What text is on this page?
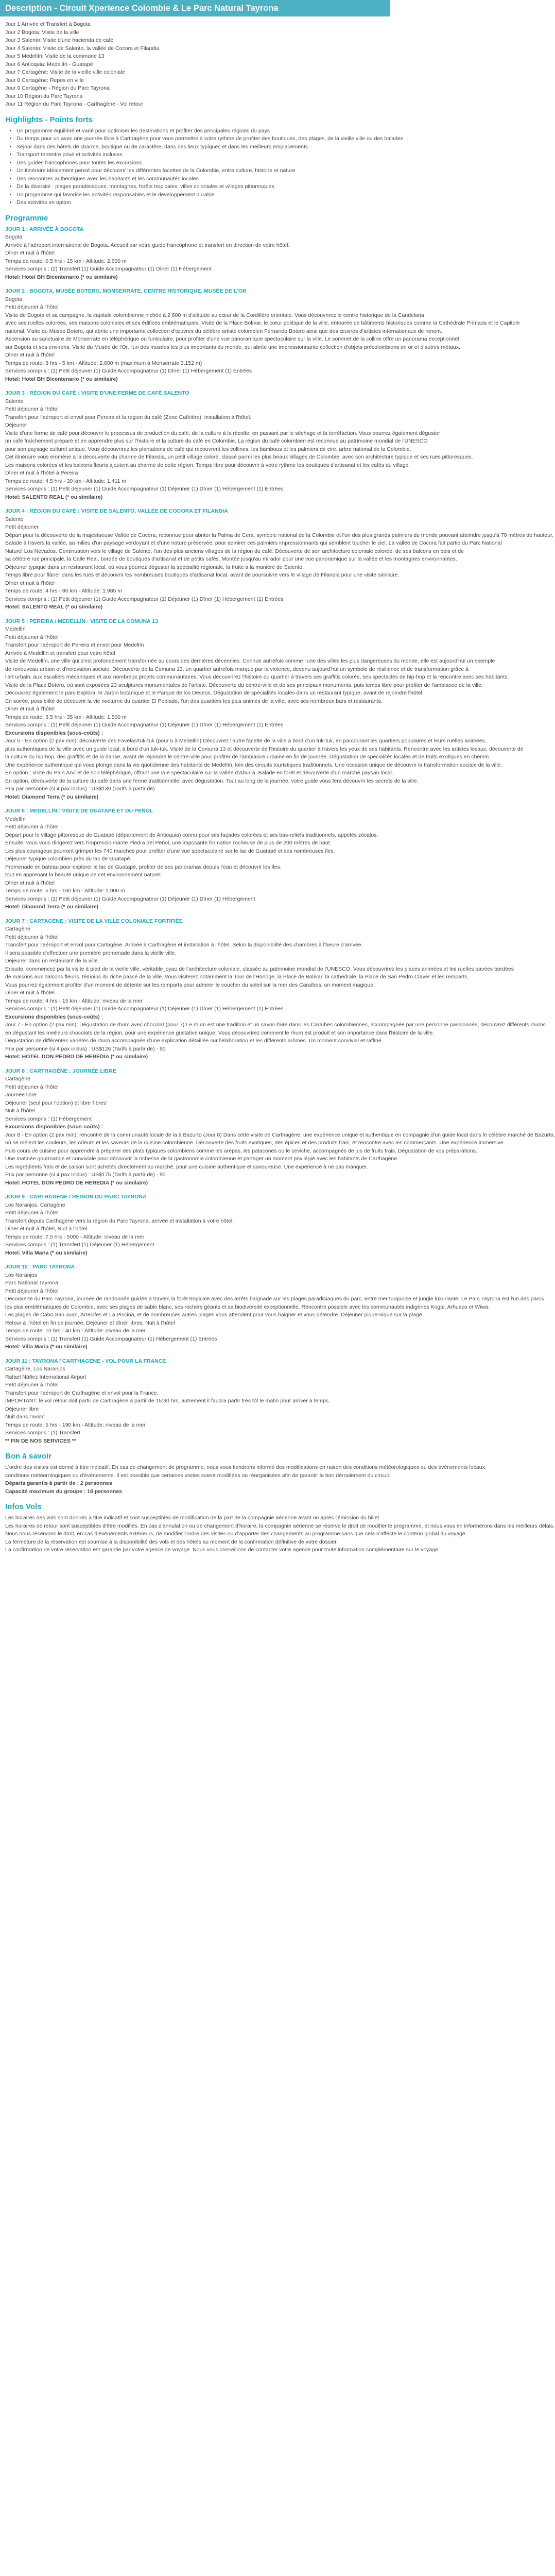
Description - Circuit Xperience Colombie & Le Parc Natural Tayrona

Jour 1 Arrivée et Transfert à Bogota

Jour 2 Bogota: Visite de la ville

Jour 3 Salento: Visite d'une hacienda de café

Jour 4 Salento: Visite de Salento, la vallée de Cocora et Filandia

Jour 5 Medellín: Visite de la commune 13

Jour 6 Antioquia: Medellín - Guatapé

Jour 7 Cartagène: Visite de la vieille ville coloniale

Jour 8 Cartagène: Repos en ville

Jour 9 Cartagène - Région du Parc Tayrona

Jour 10 Région du Parc Tayrona

Jour 11 Région du Parc Tayrona - Carthagène - Vol retour

Highlights - Points forts
• Un programme équilibré et varié pour optimiser les destinations et profiter des principales régions du pays
• Du temps pour un avec une journée libre à Carthagène pour vous permettre à votre rythme de profiter des boutiques, des plages, de la vieille ville ou des balades
• Séjour dans des hôtels de charme, boutique ou de caractère, dans des lieux typiques et dans les meilleurs emplacements
• Transport terrestre privé et activités incluses
• Des guides francophones pour toutes les excursions
• Un itinéraire idéalement pensé pour découvrir les différentes facettes de la Colombie, entre culture, histoire et nature
• Des rencontres authentiques avec les habitants et les communautés locales
• De la diversité : plages paradisiaques, montagnes, forêts tropicales, villes coloniales et villages pittoresques
• Un programme qui favorise les activités responsables et le développement durable
• Des activités en option
Programme
JOUR 1 : ARRIVÉE À BOGOTA

Bogota

Arrivée à l'aéroport international de Bogota. Accueil par votre guide francophone et transfert en direction de votre hôtel.

Dîner et nuit à l'hôtel

Temps de route: 0,5 hrs - 15 km - Altitude: 2.600 m

Services compris : (2) Transfert (1) Guide Accompagnateur (1) Dîner (1) Hébergement

Hotel: Hotel BH Bicentenario (* ou similaire)

JOUR 2 : BOGOTA, MUSÉE BOTERO, MONSERRATE, CENTRE HISTORIQUE, MUSÉE DE L'OR

Bogota

Petit déjeuner à l'hôtel

Visite de Bogota et sa campagne, la capitale colombienne nichée à 2 600 m d'altitude au cœur de la Cordillère orientale. Vous découvrirez le centre historique de la Candelaria

avec ses ruelles colorées, ses maisons coloniales et ses édifices emblématiques. Visite de la Place Bolívar, le cœur politique de la ville, entourée de bâtiments historiques comme la Cathédrale Primada et le Capitole

national. Visite du Musée Botero, qui abrite une importante collection d'œuvres du célèbre artiste colombien Fernando Botero ainsi que des œuvres d'artistes internationaux de renom.

Ascension au sanctuaire de Monserrate en téléphérique ou funiculaire, pour profiter d'une vue panoramique spectaculaire sur la ville. Le sommet de la colline offre un panorama exceptionnel

sur Bogota et ses environs. Visite du Musée de l'Or, l'un des musées les plus importants du monde, qui abrite une impressionnante collection d'objets précolombiens en or et d'autres métaux.

Dîner et nuit à l'hôtel

Temps de route: 3 hrs - 5 km - Altitude: 2.600 m (maximum à Monserrate 3.152 m)

Services compris : (1) Petit déjeuner (1) Guide Accompagnateur (1) Dîner (1) Hébergement (1) Entrées

Hotel: Hotel BH Bicentenario (* ou similaire)

JOUR 3 : RÉGION DU CAFÉ : VISITE D'UNE FERME DE CAFÉ SALENTO

Salento

Petit déjeuner à l'hôtel

Transfert pour l'aéroport et envol pour Pereira et la région du café (Zone Caféière), installation à l'hôtel.

Déjeuner

Visite d'une ferme de café pour découvrir le processus de production du café, de la culture à la récolte, en passant par le séchage et la torréfaction. Vous pourrez également déguster

un café fraîchement préparé et en apprendre plus sur l'histoire et la culture du café en Colombie. La région du café colombien est reconnue au patrimoine mondial de l'UNESCO

pour son paysage culturel unique. Vous découvrirez les plantations de café qui recouvrent les collines, les bambous et les palmiers de cire, arbre national de la Colombie.

Cet itinéraire vous emmène à la découverte du charme de Filandia, un petit village coloré, classé parmi les plus beaux villages de Colombie, avec son architecture typique et ses rues pittoresques.

Les maisons colorées et les balcons fleuris ajoutent au charme de cette région. Temps libre pour découvrir à votre rythme les boutiques d'artisanat et les cafés du village.

Dîner et nuit à l'hôtel à Pereira

Temps de route: 4,5 hrs - 30 km - Altitude: 1.411 m

Services compris : (1) Petit déjeuner (1) Guide Accompagnateur (1) Déjeuner (1) Dîner (1) Hébergement (1) Entrées

Hotel: SALENTO REAL (* ou similaire)

JOUR 4 : RÉGION DU CAFÉ : VISITE DE SALENTO, VALLÉE DE COCORA ET FILANDIA

Salento

Petit déjeuner

Départ pour la découverte de la majestueuse Vallée de Cocora, reconnue pour abriter la Palma de Cera, symbole national de la Colombie et l'un des plus grands palmiers du monde pouvant atteindre jusqu'à 70 mètres de hauteur.

Balade à travers la vallée, au milieu d'un paysage verdoyant et d'une nature préservée, pour admirer ces palmiers impressionnants qui semblent toucher le ciel. La vallée de Cocora fait partie du Parc National

Naturel Los Nevados. Continuation vers le village de Salento, l'un des plus anciens villages de la région du café. Découverte de son architecture coloniale colorée, de ses balcons en bois et de

sa célèbre rue principale, la Calle Real, bordée de boutiques d'artisanat et de petits cafés. Montée jusqu'au mirador pour une vue panoramique sur la vallée et les montagnes environnantes.

Déjeuner typique dans un restaurant local, où vous pourrez déguster la spécialité régionale, la truite à la manière de Salento.

Temps libre pour flâner dans les rues et découvrir les nombreuses boutiques d'artisanat local, avant de poursuivre vers le village de Filandia pour une visite similaire.

Dîner et nuit à l'hôtel

Temps de route: 4 hrs - 80 km - Altitude: 1.985 m

Services compris : (1) Petit déjeuner (1) Guide Accompagnateur (1) Déjeuner (1) Dîner (1) Hébergement (1) Entrées

Hotel: SALENTO REAL (* ou similaire)

JOUR 5 : PEREIRA / MEDELLÍN : VISITE DE LA COMUNA 13

Medellín

Petit déjeuner à l'hôtel

Transfert pour l'aéroport de Pereira et envol pour Medellín

Arrivée à Medellín et transfert pour votre hôtel

Visite de Medellín, une ville qui s'est profondément transformée au cours des dernières décennies. Connue autrefois comme l'une des villes les plus dangereuses du monde, elle est aujourd'hui un exemple

de renouveau urbain et d'innovation sociale. Découverte de la Comuna 13, un quartier autrefois marqué par la violence, devenu aujourd'hui un symbole de résilience et de transformation grâce à

l'art urbain, aux escaliers mécaniques et aux nombreux projets communautaires. Vous découvrirez l'histoire du quartier à travers ses graffitis colorés, ses spectacles de hip-hop et la rencontre avec ses habitants.

Visite de la Place Botero, où sont exposées 23 sculptures monumentales de l'artiste. Découverte du centre-ville et de ses principaux monuments, puis temps libre pour profiter de l'ambiance de la ville.

Découvrez également le parc Explora, le Jardin botanique et le Parque de los Deseos. Dégustation de spécialités locales dans un restaurant typique, avant de rejoindre l'hôtel.

En soirée, possibilité de découvrir la vie nocturne du quartier El Poblado, l'un des quartiers les plus animés de la ville, avec ses nombreux bars et restaurants.

Dîner et nuit à l'hôtel

Temps de route: 3,5 hrs - 35 km - Altitude: 1.500 m

Services compris : (1) Petit déjeuner (1) Guide Accompagnateur (1) Déjeuner (1) Dîner (1) Hébergement (1) Entrées

Excursions disponibles (sous-coûts) :

Jour 5 - En option (2 pax min): découverte des Favelas/tuk-tuk (pour 5 à Medellín) Découvrez l'autre facette de la ville à bord d'un tuk-tuk, en parcourant les quartiers populaires et leurs ruelles animées.

plus authentiques de la ville avec un guide local, à bord d'un tuk-tuk. Visite de la Comuna 13 et découverte de l'histoire du quartier à travers les yeux de ses habitants. Rencontre avec les artistes locaux, découverte de

la culture du hip-hop, des graffitis et de la danse, avant de rejoindre le centre-ville pour profiter de l'ambiance urbaine en fin de journée. Dégustation de spécialités locales et de fruits exotiques en chemin.

Une expérience authentique qui vous plonge dans la vie quotidienne des habitants de Medellín, loin des circuits touristiques traditionnels. Une occasion unique de découvrir la transformation sociale de la ville.

En option : visite du Parc Arví et de son téléphérique, offrant une vue spectaculaire sur la vallée d'Aburrá. Balade en forêt et découverte d'un marché paysan local.

En option, découverte de la culture du café dans une ferme traditionnelle, avec dégustation. Tout au long de la journée, votre guide vous fera découvrir les secrets de la ville.

Prix par personne (si 4 pax inclus) : US$139 (Tarifs à partir de)

Hotel: Diamond Terra (* ou similaire)

JOUR 6 : MEDELLÍN : VISITE DE GUATAPÉ ET DU PEÑOL

Medellín

Petit déjeuner à l'hôtel

Départ pour le village pittoresque de Guatapé (département de Antioquia) connu pour ses façades colorées et ses bas-reliefs traditionnels, appelés zócalos.

Ensuite, vous vous dirigerez vers l'impressionnante Piedra del Peñol, une imposante formation rocheuse de plus de 200 mètres de haut.

Les plus courageux pourront grimper les 740 marches pour profiter d'une vue spectaculaire sur le lac de Guatapé et ses nombreuses îles.

Déjeuner typique colombien près du lac de Guatapé.

Promenade en bateau pour explorer le lac de Guatapé, profiter de ses panoramas depuis l'eau et découvrir les îles.

tout en apprenant la beauté unique de cet environnement naturel.

Dîner et nuit à l'hôtel

Temps de route: 5 hrs - 160 km - Altitude: 1.900 m

Services compris : (1) Petit déjeuner (1) Guide Accompagnateur (1) Déjeuner (1) Dîner (1) Hébergement

Hotel: Diamond Terra (* ou similaire)

JOUR 7 : CARTAGÈNE : VISITE DE LA VILLE COLONIALE FORTIFIÉE

Cartagène

Petit déjeuner à l'hôtel

Transfert pour l'aéroport et envol pour Cartagène. Arrivée à Carthagène et installation à l'hôtel. Selon la disponibilité des chambres à l'heure d'arrivée.

Il sera possible d'effectuer une première promenade dans la vieille ville.

Déjeuner dans un restaurant de la ville.

Ensuite, commencez par la visite à pied de la vieille ville, véritable joyau de l'architecture coloniale, classée au patrimoine mondial de l'UNESCO. Vous découvrirez les places animées et les ruelles pavées bordées

de maisons aux balcons fleuris, témoins du riche passé de la ville. Vous visiterez notamment la Tour de l'Horloge, la Place de Bolívar, la cathédrale, la Place de San Pedro Claver et les remparts.

Vous pourrez également profiter d'un moment de détente sur les remparts pour admirer le coucher du soleil sur la mer des Caraïbes, un moment magique.

Dîner et nuit à l'hôtel

Temps de route: 4 hrs - 15 km - Altitude: niveau de la mer

Services compris : (1) Petit déjeuner (1) Guide Accompagnateur (1) Déjeuner (1) Dîner (1) Hébergement (1) Entrées

Excursions disponibles (sous-coûts) :

Jour 7 - En option (2 pax min): Dégustation de rhum avec chocolat (pour 7) Le rhum est une tradition et un savoir-faire dans les Caraïbes colombiennes, accompagnée par une personne passionnée, découvrez différents rhums

en dégustant les meilleurs chocolats de la région, pour une expérience gustative unique. Vous découvrirez comment le rhum est produit et son importance dans l'histoire de la ville.

Dégustation de différentes variétés de rhum accompagnée d'une explication détaillée sur l'élaboration et les différents arômes. Un moment convivial et raffiné.

Prix par personne (si 4 pax inclus) : US$126 (Tarifs à partir de) - 90

Hotel: HOTEL DON PEDRO DE HEREDIA (* ou similaire)

JOUR 8 : CARTHAGÈNE : JOURNÉE LIBRE

Cartagène

Petit déjeuner à l'hôtel

Journée libre

Déjeuner (seul pour l'option) et libre 'libres'

Nuit à l'hôtel

Services compris : (1) Hébergement

Excursions disponibles (sous-coûts) :

Jour 8 - En option (2 pax min): rencontre de la communauté locale de la à Bazurto (Jour 8) Dans cette visite de Carthagène, une expérience unique et authentique en compagnie d'un guide local dans le célèbre marché de Bazurto,

où se mêlent les couleurs, les odeurs et les saveurs de la cuisine colombienne. Découverte des fruits exotiques, des épices et des produits frais, et rencontre avec les commerçants. Une expérience immersive.

Puis cours de cuisine pour apprendre à préparer des plats typiques colombiens comme les arepas, les patacones ou le ceviche, accompagnés de jus de fruits frais. Dégustation de vos préparations.

Une matinée gourmande et conviviale pour découvrir la richesse de la gastronomie colombienne et partager un moment privilégié avec les habitants de Carthagène.

Les ingrédients frais et de saison sont achetés directement au marché, pour une cuisine authentique et savoureuse. Une expérience à ne pas manquer.

Prix par personne (si 4 pax inclus) : US$175 (Tarifs à partir de) - 90

Hotel: HOTEL DON PEDRO DE HEREDIA (* ou similaire)

JOUR 9 : CARTHAGÈNE / RÉGION DU PARC TAYRONA

Los Naranjos, Cartagène

Petit déjeuner à l'hôtel

Transfert depuis Carthagène vers la région du Parc Tayrona, arrivée et installation à votre hôtel.

Dîner et nuit à l'hôtel, Nuit à l'hôtel

Temps de route: 7,5 hrs - 5000 - Altitude: niveau de la mer

Services compris : (1) Transfert (1) Déjeuner (1) Hébergement

Hotel: Villa Maria (* ou similaire)

JOUR 10 : PARC TAYRONA

Los Naranjos

Parc National Tayrona

Petit déjeuner à l'hôtel

Découverte du Parc Tayrona, journée de randonnée guidée à travers la forêt tropicale avec des arrêts baignade sur les plages paradisiaques du parc, entre mer turquoise et jungle luxuriante. Le Parc Tayrona est l'un des parcs

les plus emblématiques de Colombie, avec ses plages de sable blanc, ses rochers géants et sa biodiversité exceptionnelle. Rencontre possible avec les communautés indigènes Kogui, Arhuaco et Wiwa.

Les plages de Cabo San Juan, Arrecifes et La Piscina, et de nombreuses autres plages vous attendent pour vous baigner et vous détendre. Déjeuner pique-nique sur la plage.

Retour à l'hôtel en fin de journée, Déjeuner et dîner libres, Nuit à l'hôtel

Temps de route: 10 hrs - 40 km - Altitude: niveau de la mer

Services compris : (1) Transfert (1) Guide Accompagnateur (1) Hébergement (1) Entrées

Hotel: Villa Maria (* ou similaire)

JOUR 11 : TAYRONA / CARTHAGÈNE - VOL POUR LA FRANCE

Cartagène, Los Naranjos

Rafael Núñez International Airport

Petit déjeuner à l'hôtel

Transfert pour l'aéroport de Carthagène et envol pour la France.

IMPORTANT: le vol retour doit partir de Carthagène à partir de 15:30 hrs, autrement il faudra partir très tôt le matin pour arriver à temps.

Déjeuner libre

Nuit dans l'avion

Temps de route: 5 hrs - 190 km - Altitude: niveau de la mer

Services compris : (1) Transfert

** FIN DE NOS SERVICES **

Bon à savoir

L'ordre des visites est donné à titre indicatif. En cas de changement de programme, nous vous tiendrons informé des modifications en raison des conditions météorologiques ou des événements locaux.

conditions météorologiques ou d'événements. Il est possible que certaines visites soient modifiées ou réorganisées afin de garantir le bon déroulement du circuit.

Départs garantis à partir de : 2 personnes

Capacité maximum du groupe : 16 personnes

Infos Vols

Les horaires des vols sont donnés à titre indicatif et sont susceptibles de modification de la part de la compagnie aérienne avant ou après l'émission du billet.

Les horaires de retour sont susceptibles d'être modifiés. En cas d'annulation ou de changement d'horaire, la compagnie aérienne se réserve le droit de modifier le programme, et nous vous en informerons dans les meilleurs délais.

Nous nous réservons le droit, en cas d'événements extérieurs, de modifier l'ordre des visites ou d'apporter des changements au programme sans que cela n'affecte le contenu global du voyage.

La fermeture de la réservation est soumise à la disponibilité des vols et des hôtels au moment de la confirmation définitive de votre dossier.

La confirmation de votre réservation est garantie par votre agence de voyage. Nous vous conseillons de contacter votre agence pour toute information complémentaire sur le voyage.
